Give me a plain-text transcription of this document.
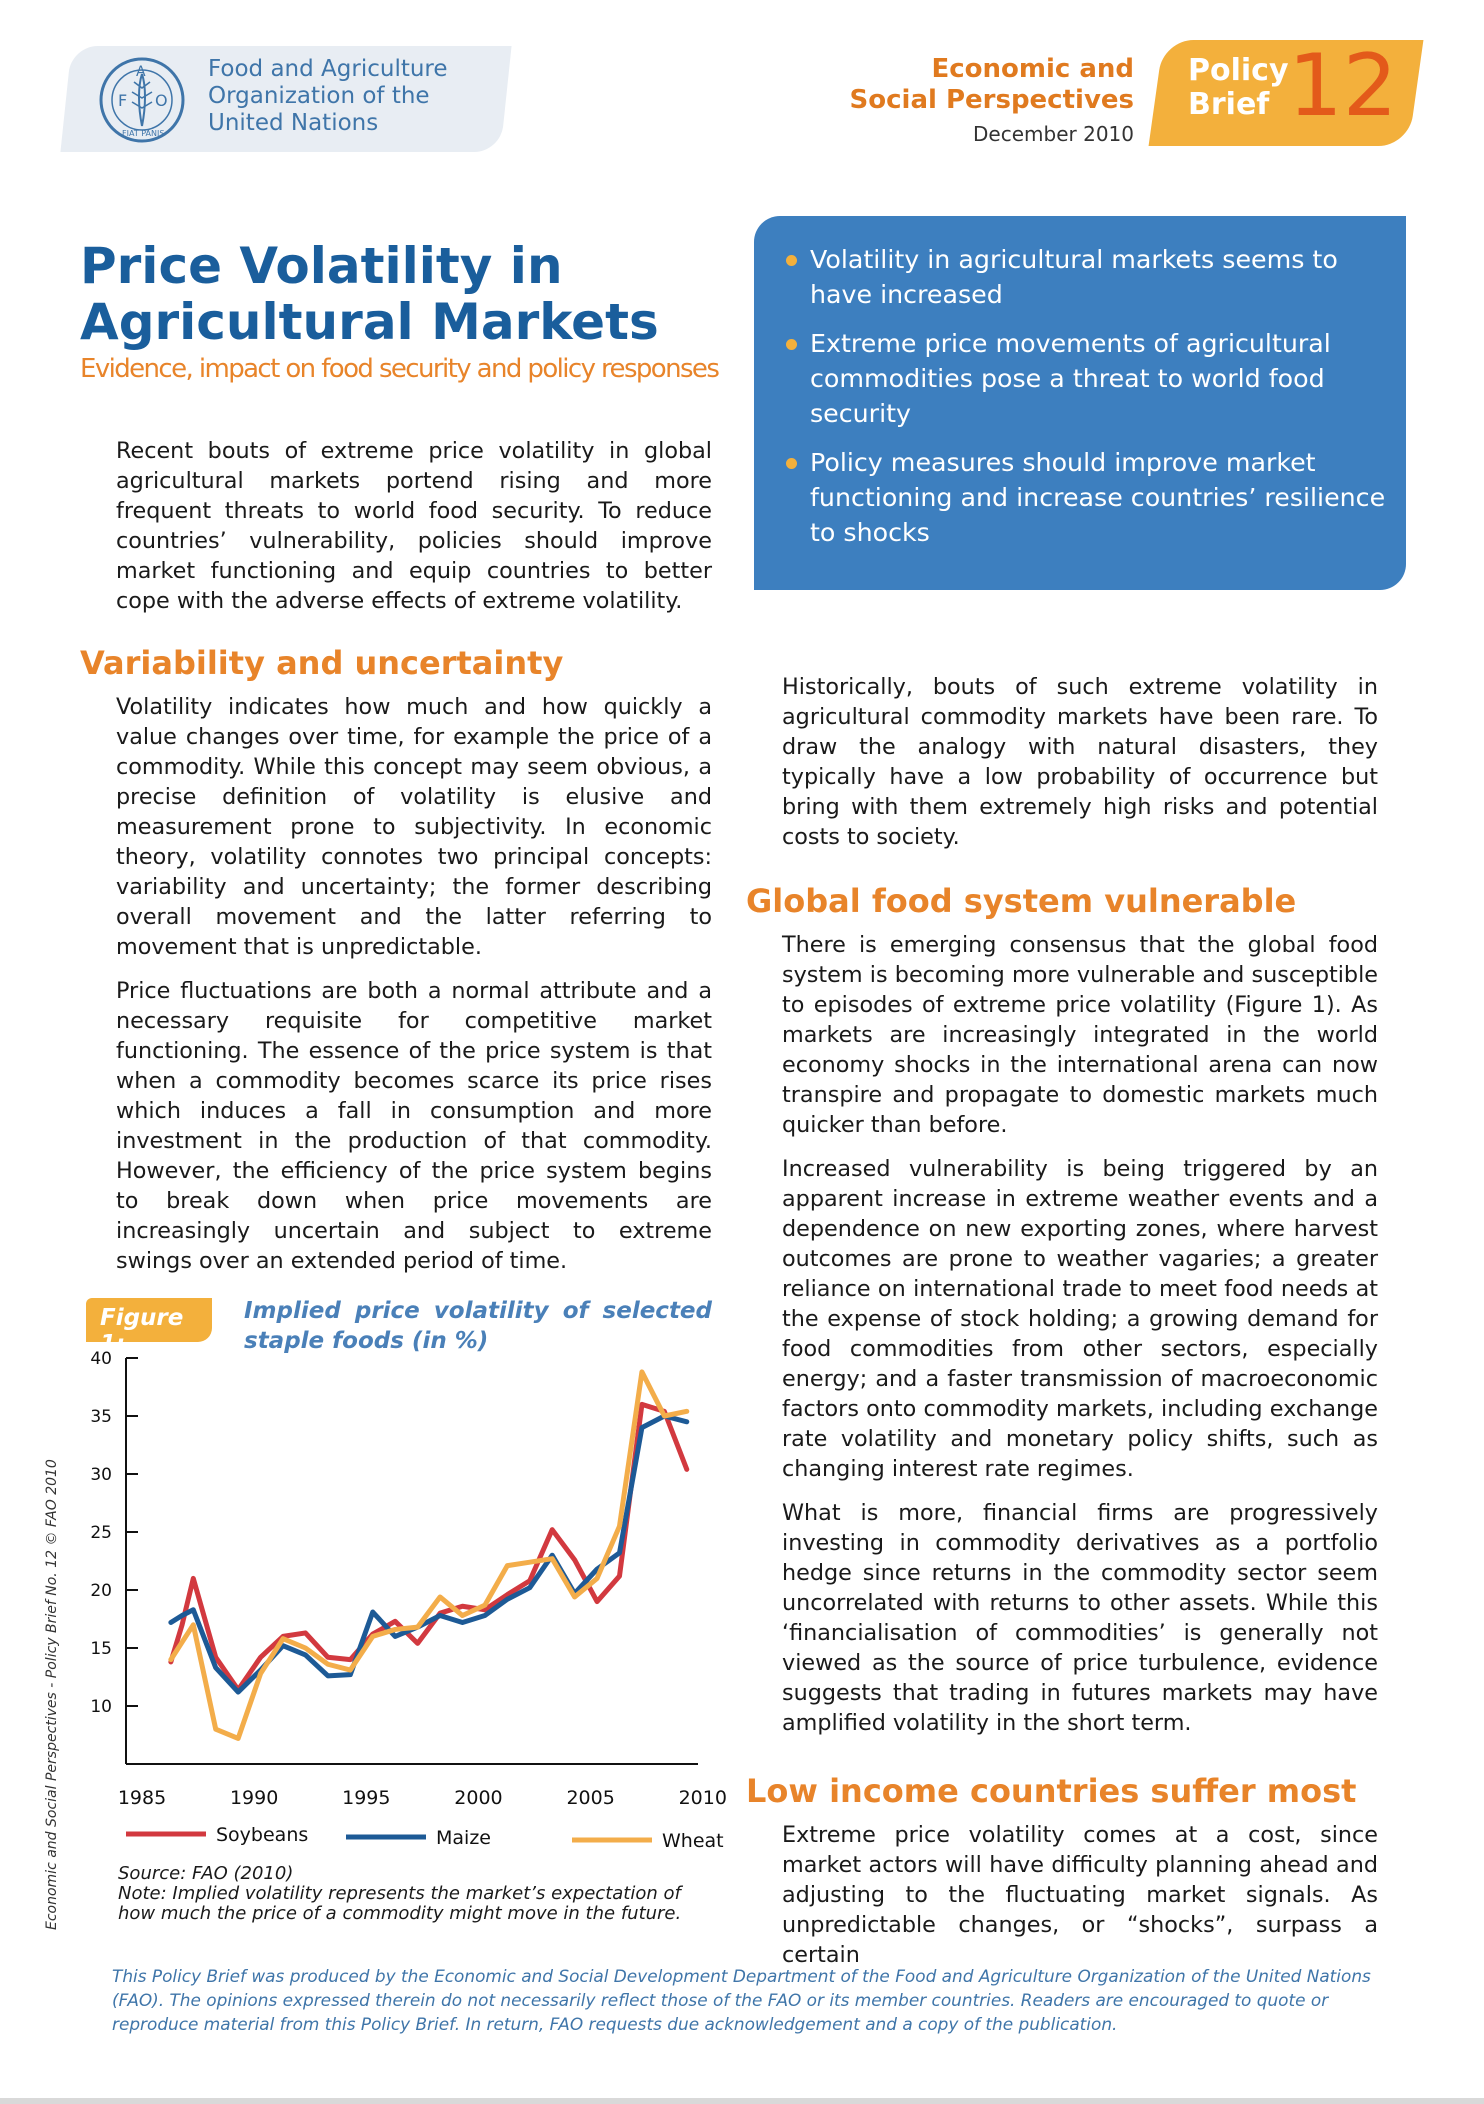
F
A
O
FIAT PANIS
Food and Agriculture
Organization of the
United Nations
Economic and
Social Perspectives
December 2010
Policy
Brief 12
Price Volatility in
Agricultural Markets
Evidence, impact on food security and policy responses

Recent bouts of extreme price volatility in global agricultural markets portend rising and more frequent threats to world food security. To reduce countries’ vulnerability, policies should improve market functioning and equip countries to better cope with the adverse effects of extreme volatility.

Volatility in agricultural markets seems to have increased
Extreme price movements of agricultural commodities pose a threat to world food security
Policy measures should improve market functioning and increase countries’ resilience to shocks
Variability and uncertainty

Volatility indicates how much and how quickly a value changes over time, for example the price of a commodity. While this concept may seem obvious, a precise definition of volatility is elusive and measurement prone to subjectivity. In economic theory, volatility connotes two principal concepts: variability and uncertainty; the former describing overall movement and the latter referring to movement that is unpredictable.

Price fluctuations are both a normal attribute and a necessary requisite for competitive market functioning. The essence of the price system is that when a commodity becomes scarce its price rises which induces a fall in consumption and more investment in the production of that commodity. However, the efficiency of the price system begins to break down when price movements are increasingly uncertain and subject to extreme swings over an extended period of time.

Figure 1:
Implied price volatility of selected staple foods (in %)
10
15
20
25
30
35
40
1985	1990	1995	2000	2005	2010
Soybeans	Maize	Wheat
Source: FAO (2010)
Note: Implied volatility represents the market’s expectation of how much the price of a commodity might move in the future.

Historically, bouts of such extreme volatility in agricultural commodity markets have been rare. To draw the analogy with natural disasters, they typically have a low probability of occurrence but bring with them extremely high risks and potential costs to society.

Global food system vulnerable

There is emerging consensus that the global food system is becoming more vulnerable and susceptible to episodes of extreme price volatility (Figure 1). As markets are increasingly integrated in the world economy shocks in the international arena can now transpire and propagate to domestic markets much quicker than before.

Increased vulnerability is being triggered by an apparent increase in extreme weather events and a dependence on new exporting zones, where harvest outcomes are prone to weather vagaries; a greater reliance on international trade to meet food needs at the expense of stock holding; a growing demand for food commodities from other sectors, especially energy; and a faster transmission of macroeconomic factors onto commodity markets, including exchange rate volatility and monetary policy shifts, such as changing interest rate regimes.

What is more, financial firms are progressively investing in commodity derivatives as a portfolio hedge since returns in the commodity sector seem uncorrelated with returns to other assets. While this ‘financialisation of commodities’ is generally not viewed as the source of price turbulence, evidence suggests that trading in futures markets may have amplified volatility in the short term.

Low income countries suffer most

Extreme price volatility comes at a cost, since market actors will have difficulty planning ahead and adjusting to the fluctuating market signals. As unpredictable changes, or “shocks”, surpass a certain

This Policy Brief was produced by the Economic and Social Development Department of the Food and Agriculture Organization of the United Nations (FAO). The opinions expressed therein do not necessarily reflect those of the FAO or its member countries. Readers are encouraged to quote or reproduce material from this Policy Brief. In return, FAO requests due acknowledgement and a copy of the publication.
Economic and Social Perspectives - Policy Brief No. 12 © FAO 2010
